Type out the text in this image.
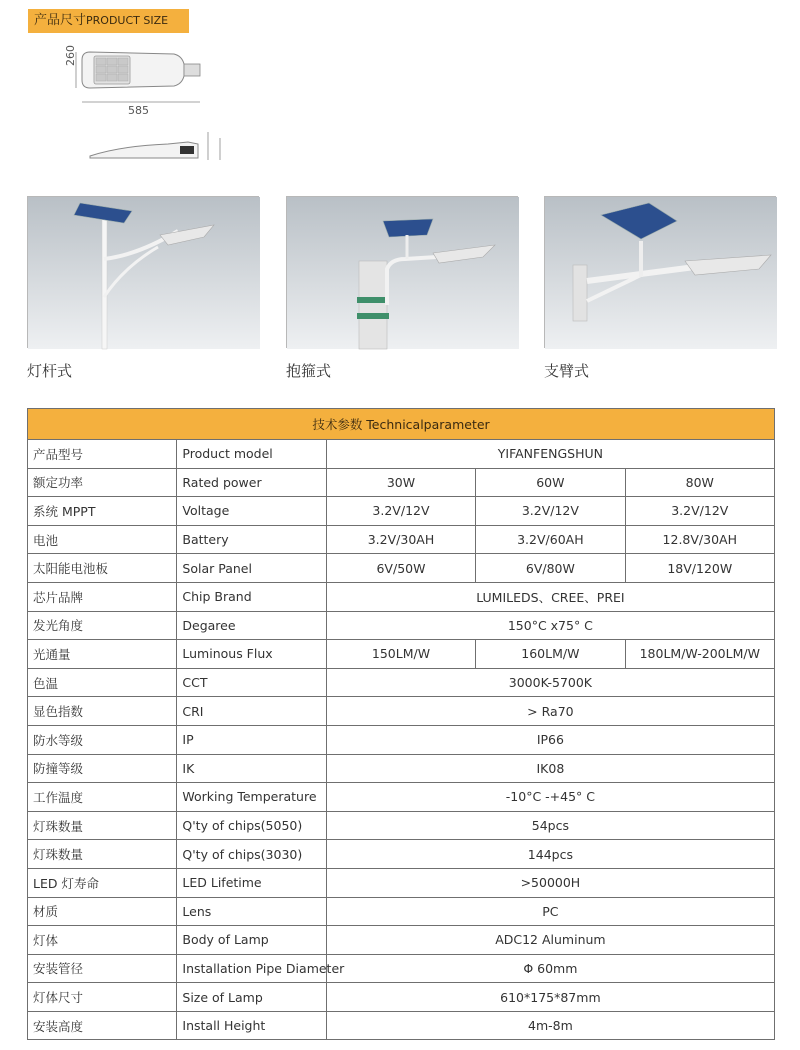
产品尺寸PRODUCT SIZE
260
585
灯杆式	抱箍式	支臂式
技术参数 Technicalparameter				
产品型号	Product model	YIFANFENGSHUN		
额定功率	Rated power	30W	60W	80W
系统 MPPT	Voltage	3.2V/12V	3.2V/12V	3.2V/12V
电池	Battery	3.2V/30AH	3.2V/60AH	12.8V/30AH
太阳能电池板	Solar Panel	6V/50W	6V/80W	18V/120W
芯片品牌	Chip Brand	LUMILEDS、CREE、PREI		
发光角度	Degaree	150°C x75° C		
光通量	Luminous Flux	150LM/W	160LM/W	180LM/W-200LM/W
色温	CCT	3000K-5700K		
显色指数	CRI	> Ra70		
防水等级	IP	IP66		
防撞等级	IK	IK08		
工作温度	Working Temperature	-10°C -+45° C		
灯珠数量	Q'ty of chips(5050)	54pcs		
灯珠数量	Q'ty of chips(3030)	144pcs		
LED 灯寿命	LED Lifetime	>50000H		
材质	Lens	PC		
灯体	Body of Lamp	ADC12 Aluminum		
安装管径	Installation Pipe Diameter	Φ 60mm		
灯体尺寸	Size of Lamp	610*175*87mm		
安装高度	Install Height	4m-8m		
